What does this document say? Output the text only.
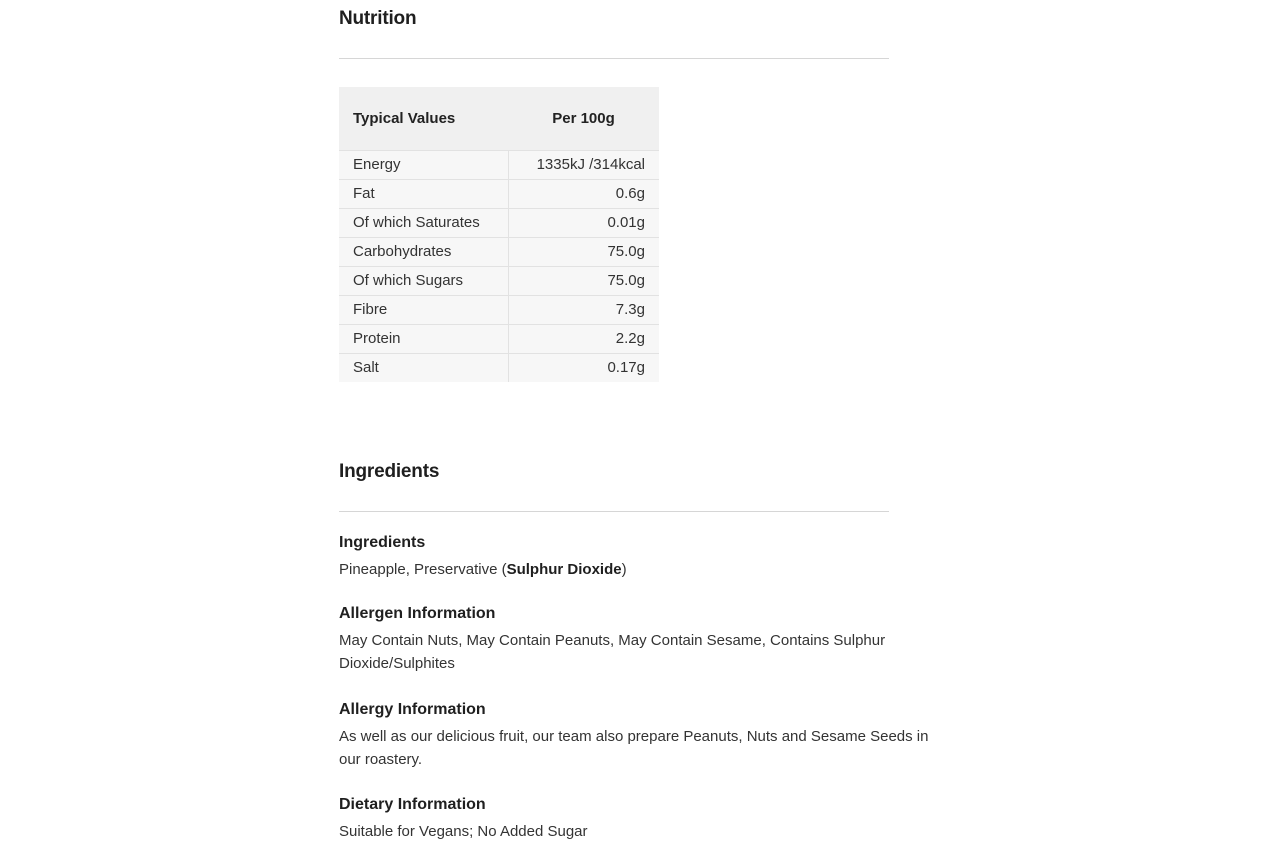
Nutrition
Typical Values	Per 100g
Energy	1335kJ /314kcal
Fat	0.6g
Of which Saturates	0.01g
Carbohydrates	75.0g
Of which Sugars	75.0g
Fibre	7.3g
Protein	2.2g
Salt	0.17g
Ingredients
Ingredients

Pineapple, Preservative (Sulphur Dioxide)

Allergen Information

May Contain Nuts, May Contain Peanuts, May Contain Sesame, Contains Sulphur Dioxide/Sulphites

Allergy Information

As well as our delicious fruit, our team also prepare Peanuts, Nuts and Sesame Seeds in our roastery.

Dietary Information

Suitable for Vegans; No Added Sugar
